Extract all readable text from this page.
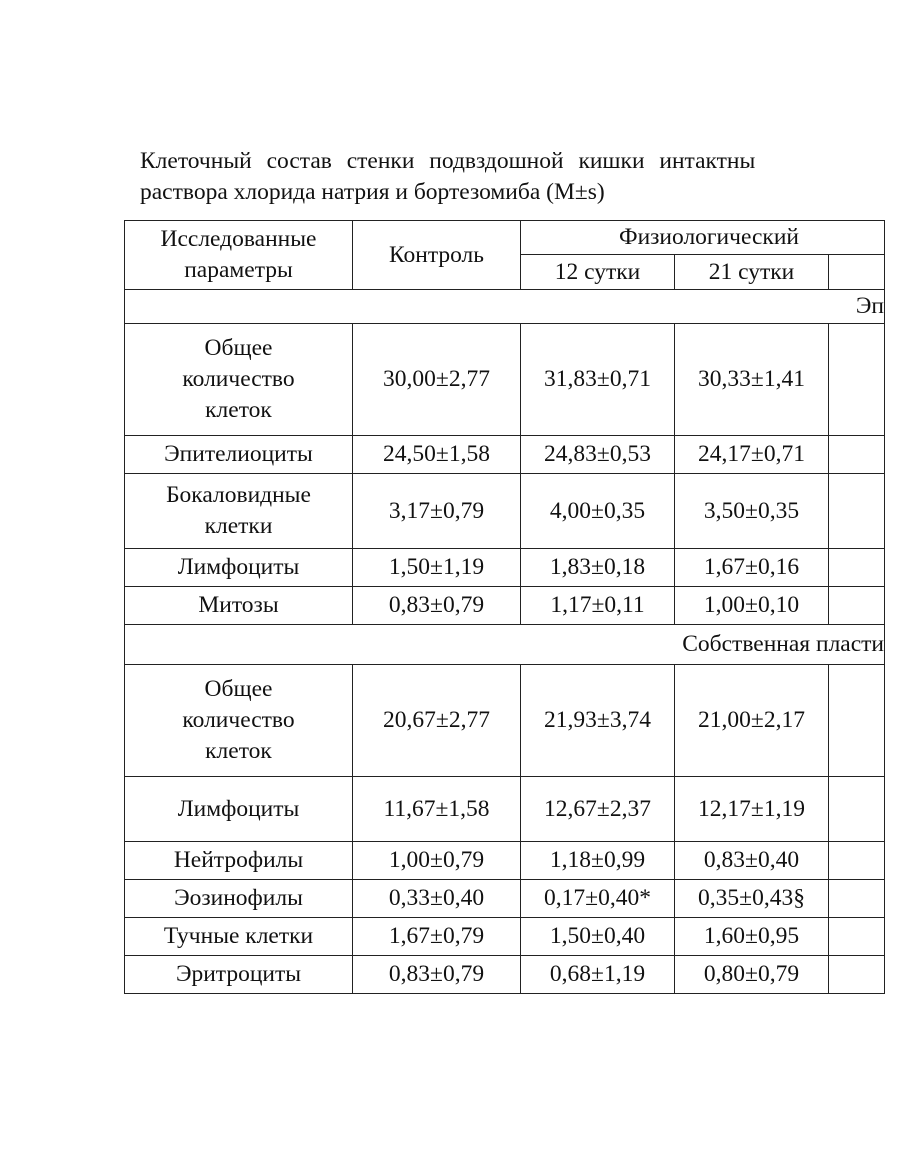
Клеточный состав стенки подвздошной кишки интактны
раствора хлорида натрия и бортезомиба (M±s)
Исследованные параметры	Контроль	Физиологический		
		12 сутки	21 сутки	
Эп				
Общее количество клеток	30,00±2,77	31,83±0,71	30,33±1,41	
Эпителиоциты	24,50±1,58	24,83±0,53	24,17±0,71	
Бокаловидные клетки	3,17±0,79	4,00±0,35	3,50±0,35	
Лимфоциты	1,50±1,19	1,83±0,18	1,67±0,16	
Митозы	0,83±0,79	1,17±0,11	1,00±0,10	
Собственная пласти				
Общее количество клеток	20,67±2,77	21,93±3,74	21,00±2,17	
Лимфоциты	11,67±1,58	12,67±2,37	12,17±1,19	
Нейтрофилы	1,00±0,79	1,18±0,99	0,83±0,40	
Эозинофилы	0,33±0,40	0,17±0,40*	0,35±0,43§	
Тучные клетки	1,67±0,79	1,50±0,40	1,60±0,95	
Эритроциты	0,83±0,79	0,68±1,19	0,80±0,79	
